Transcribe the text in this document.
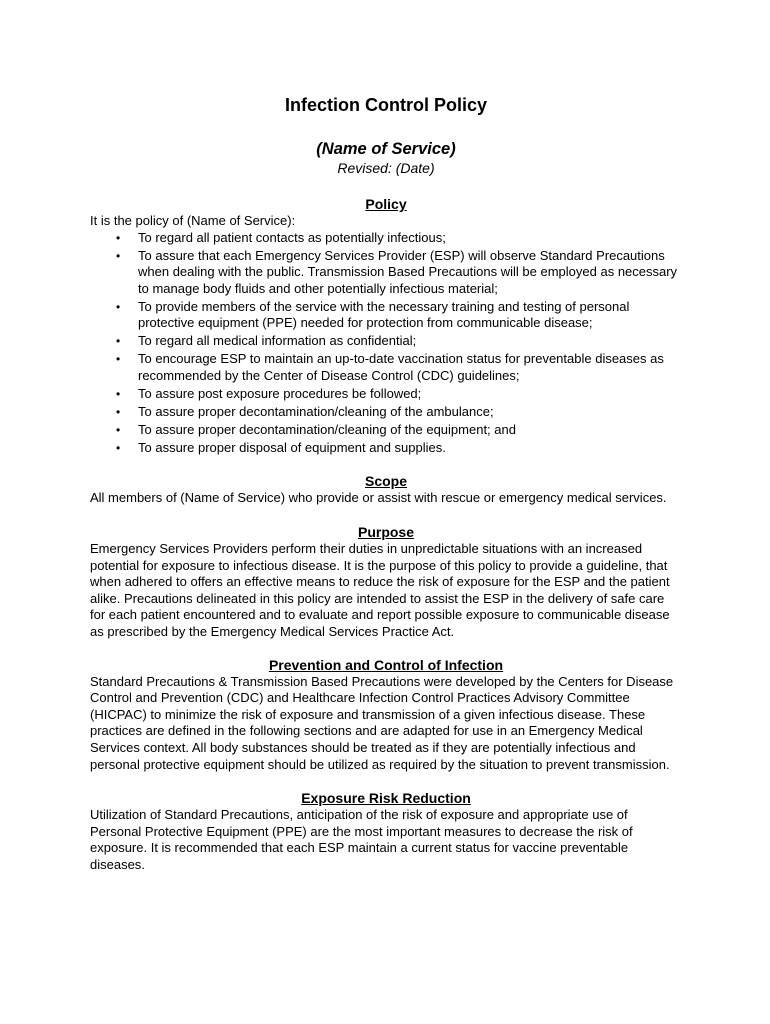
Infection Control Policy

(Name of Service)

Revised: (Date)

Policy

It is the policy of (Name of Service):

• To regard all patient contacts as potentially infectious;
• To assure that each Emergency Services Provider (ESP) will observe Standard Precautions when dealing with the public. Transmission Based Precautions will be employed as necessary to manage body fluids and other potentially infectious material;
• To provide members of the service with the necessary training and testing of personal protective equipment (PPE) needed for protection from communicable disease;
• To regard all medical information as confidential;
• To encourage ESP to maintain an up-to-date vaccination status for preventable diseases as recommended by the Center of Disease Control (CDC) guidelines;
• To assure post exposure procedures be followed;
• To assure proper decontamination/cleaning of the ambulance;
• To assure proper decontamination/cleaning of the equipment; and
• To assure proper disposal of equipment and supplies.
Scope

All members of (Name of Service) who provide or assist with rescue or emergency medical services.

Purpose

Emergency Services Providers perform their duties in unpredictable situations with an increased potential for exposure to infectious disease. It is the purpose of this policy to provide a guideline, that when adhered to offers an effective means to reduce the risk of exposure for the ESP and the patient alike. Precautions delineated in this policy are intended to assist the ESP in the delivery of safe care for each patient encountered and to evaluate and report possible exposure to communicable disease as prescribed by the Emergency Medical Services Practice Act.

Prevention and Control of Infection

Standard Precautions & Transmission Based Precautions were developed by the Centers for Disease Control and Prevention (CDC) and Healthcare Infection Control Practices Advisory Committee (HICPAC) to minimize the risk of exposure and transmission of a given infectious disease. These practices are defined in the following sections and are adapted for use in an Emergency Medical Services context. All body substances should be treated as if they are potentially infectious and personal protective equipment should be utilized as required by the situation to prevent transmission.

Exposure Risk Reduction

Utilization of Standard Precautions, anticipation of the risk of exposure and appropriate use of Personal Protective Equipment (PPE) are the most important measures to decrease the risk of exposure. It is recommended that each ESP maintain a current status for vaccine preventable diseases.
